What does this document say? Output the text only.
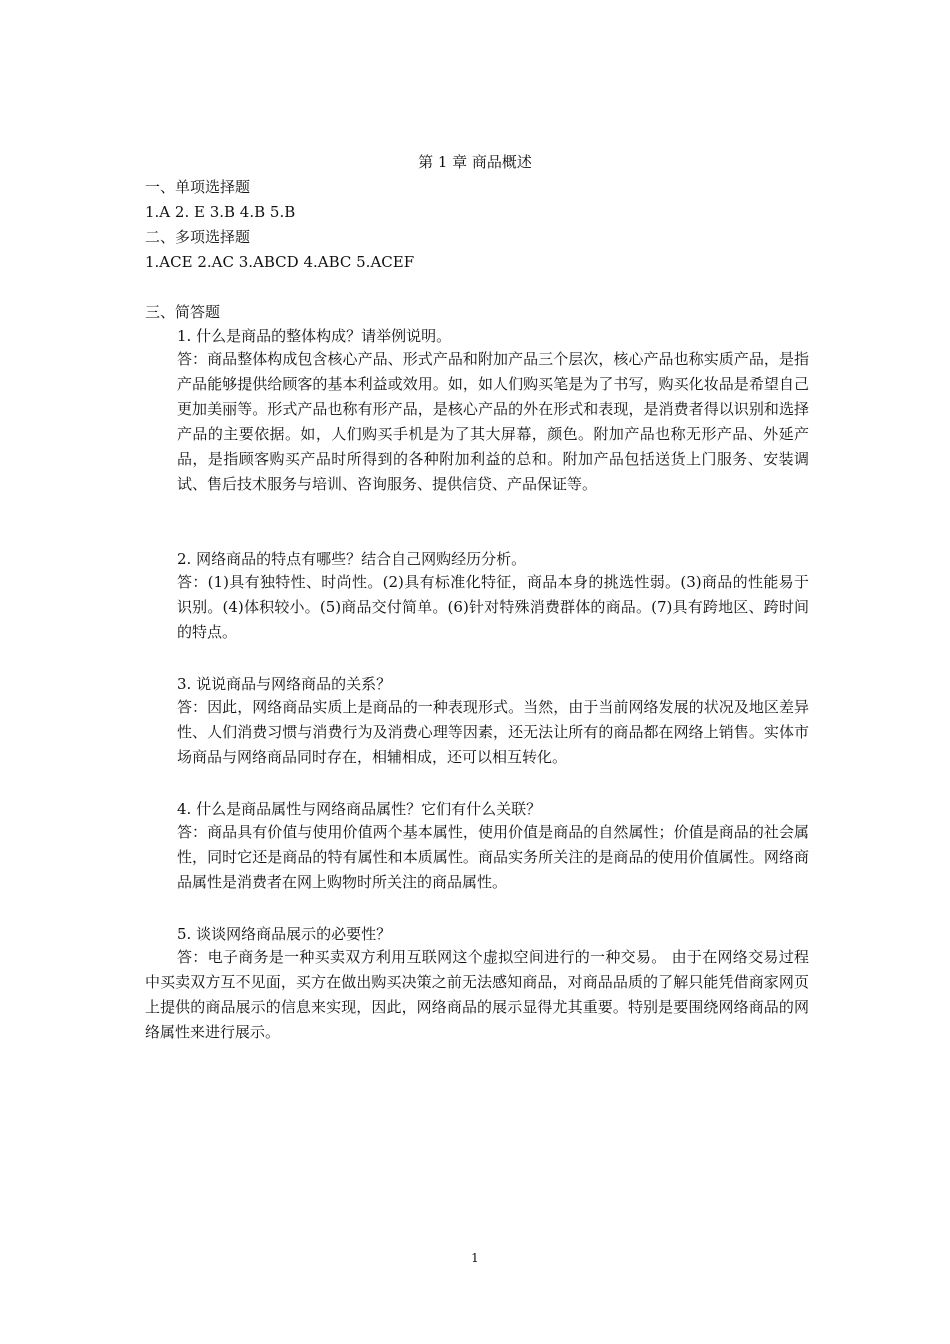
第 1 章 商品概述
一、单项选择题
1.A 2. E 3.B 4.B 5.B
二、多项选择题
1.ACE 2.AC 3.ABCD 4.ABC 5.ACEF
三、简答题
1. 什么是商品的整体构成？请举例说明。
答：商品整体构成包含核心产品、形式产品和附加产品三个层次，核心产品也称实质产品，是指产品能够提供给顾客的基本利益或效用。如，如人们购买笔是为了书写，购买化妆品是希望自己更加美丽等。形式产品也称有形产品，是核心产品的外在形式和表现，是消费者得以识别和选择产品的主要依据。如，人们购买手机是为了其大屏幕，颜色。附加产品也称无形产品、外延产品，是指顾客购买产品时所得到的各种附加利益的总和。附加产品包括送货上门服务、安装调试、售后技术服务与培训、咨询服务、提供信贷、产品保证等。
2. 网络商品的特点有哪些？结合自己网购经历分析。
答：(1)具有独特性、时尚性。(2)具有标准化特征，商品本身的挑选性弱。(3)商品的性能易于识别。(4)体积较小。(5)商品交付简单。(6)针对特殊消费群体的商品。(7)具有跨地区、跨时间的特点。
3. 说说商品与网络商品的关系？
答：因此，网络商品实质上是商品的一种表现形式。当然，由于当前网络发展的状况及地区差异性、人们消费习惯与消费行为及消费心理等因素，还无法让所有的商品都在网络上销售。实体市场商品与网络商品同时存在，相辅相成，还可以相互转化。
4. 什么是商品属性与网络商品属性？它们有什么关联？
答：商品具有价值与使用价值两个基本属性，使用价值是商品的自然属性；价值是商品的社会属性，同时它还是商品的特有属性和本质属性。商品实务所关注的是商品的使用价值属性。网络商品属性是消费者在网上购物时所关注的商品属性。
5. 谈谈网络商品展示的必要性？
答：电子商务是一种买卖双方利用互联网这个虚拟空间进行的一种交易。 由于在网络交易过程中买卖双方互不见面，买方在做出购买决策之前无法感知商品，对商品品质的了解只能凭借商家网页上提供的商品展示的信息来实现，因此，网络商品的展示显得尤其重要。特别是要围绕网络商品的网络属性来进行展示。
1
